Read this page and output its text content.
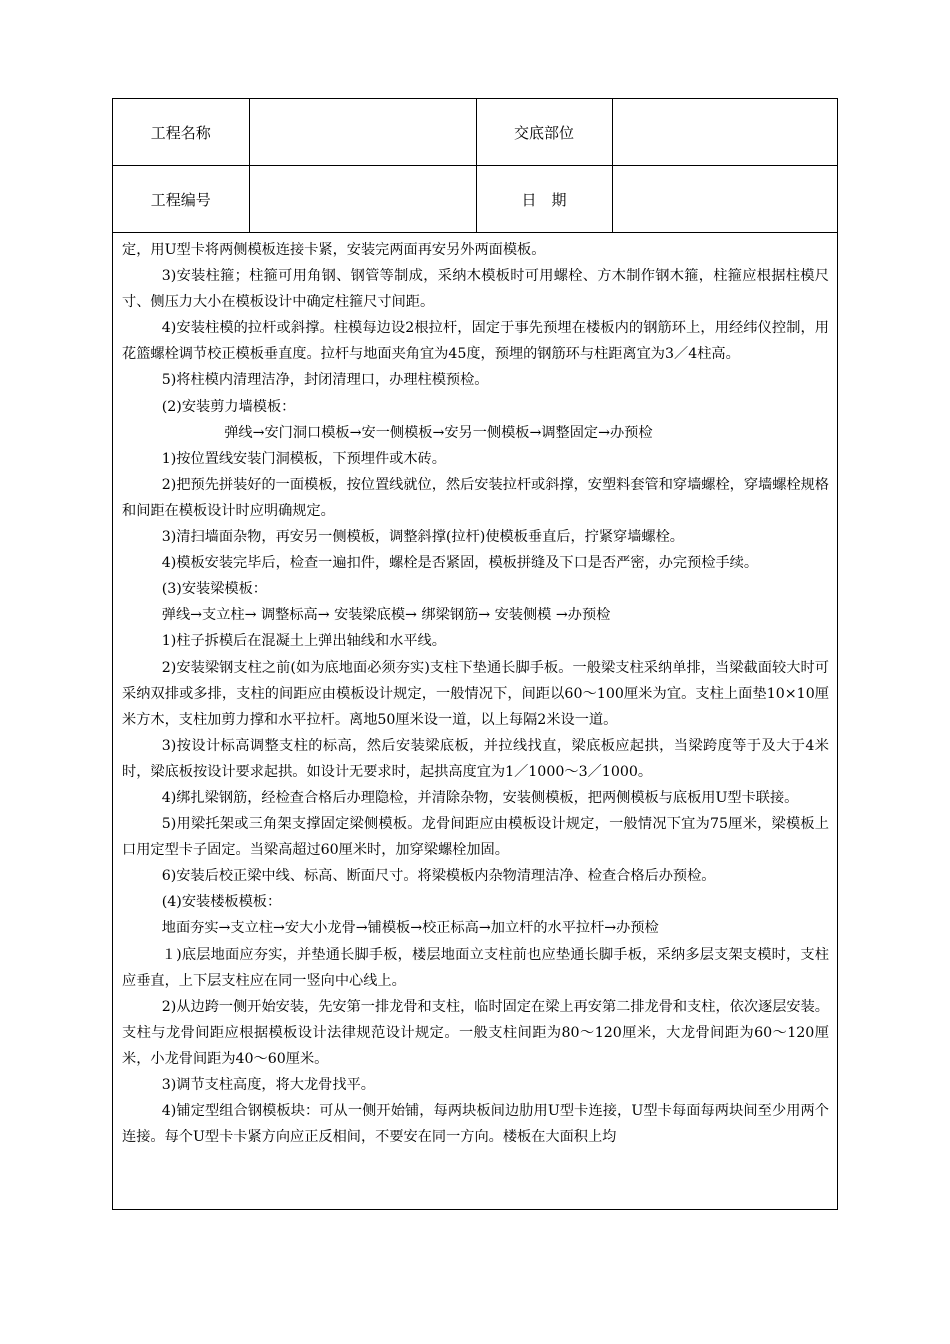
工程名称		交底部位	
工程编号		日　期	

定，用U型卡将两侧模板连接卡紧，安装完两面再安另外两面模板。

3)安装柱箍；柱箍可用角钢、钢管等制成，采纳木模板时可用螺栓、方木制作钢木箍，柱箍应根据柱模尺寸、侧压力大小在模板设计中确定柱箍尺寸间距。

4)安装柱模的拉杆或斜撑。柱模每边设2根拉杆，固定于事先预埋在楼板内的钢筋环上，用经纬仪控制，用花篮螺栓调节校正模板垂直度。拉杆与地面夹角宜为45度，预埋的钢筋环与柱距离宜为3／4柱高。

5)将柱模内清理洁净，封闭清理口，办理柱模预检。

(2)安装剪力墙模板：

弹线→安门洞口模板→安一侧模板→安另一侧模板→调整固定→办预检

1)按位置线安装门洞模板，下预埋件或木砖。

2)把预先拼装好的一面模板，按位置线就位，然后安装拉杆或斜撑，安塑料套管和穿墙螺栓，穿墙螺栓规格和间距在模板设计时应明确规定。

3)清扫墙面杂物，再安另一侧模板，调整斜撑(拉杆)使模板垂直后，拧紧穿墙螺栓。

4)模板安装完毕后，检查一遍扣件，螺栓是否紧固，模板拼缝及下口是否严密，办完预检手续。

(3)安装梁模板：

弹线→支立柱→ 调整标高→ 安装梁底模→ 绑梁钢筋→ 安装侧模 →办预检

1)柱子拆模后在混凝土上弹出轴线和水平线。

2)安装梁钢支柱之前(如为底地面必须夯实)支柱下垫通长脚手板。一般梁支柱采纳单排，当梁截面较大时可采纳双排或多排，支柱的间距应由模板设计规定，一般情况下，间距以60～100厘米为宜。支柱上面垫10×10厘米方木，支柱加剪力撑和水平拉杆。离地50厘米设一道，以上每隔2米设一道。

3)按设计标高调整支柱的标高，然后安装梁底板，并拉线找直，梁底板应起拱，当梁跨度等于及大于4米时，梁底板按设计要求起拱。如设计无要求时，起拱高度宜为1／1000～3／1000。

4)绑扎梁钢筋，经检查合格后办理隐检，并清除杂物，安装侧模板，把两侧模板与底板用U型卡联接。

5)用梁托架或三角架支撑固定梁侧模板。龙骨间距应由模板设计规定，一般情况下宜为75厘米，梁模板上口用定型卡子固定。当梁高超过60厘米时，加穿梁螺栓加固。

6)安装后校正梁中线、标高、断面尺寸。将梁模板内杂物清理洁净、检查合格后办预检。

(4)安装楼板模板：

地面夯实→支立柱→安大小龙骨→铺模板→校正标高→加立杆的水平拉杆→办预检

１)底层地面应夯实，并垫通长脚手板，楼层地面立支柱前也应垫通长脚手板，采纳多层支架支模时，支柱应垂直，上下层支柱应在同一竖向中心线上。

2)从边跨一侧开始安装，先安第一排龙骨和支柱，临时固定在梁上再安第二排龙骨和支柱，依次逐层安装。支柱与龙骨间距应根据模板设计法律规范设计规定。一般支柱间距为80～120厘米，大龙骨间距为60～120厘米，小龙骨间距为40～60厘米。

3)调节支柱高度，将大龙骨找平。

4)铺定型组合钢模板块：可从一侧开始铺，每两块板间边肋用U型卡连接，U型卡每面每两块间至少用两个连接。每个U型卡卡紧方向应正反相间，不要安在同一方向。楼板在大面积上均
